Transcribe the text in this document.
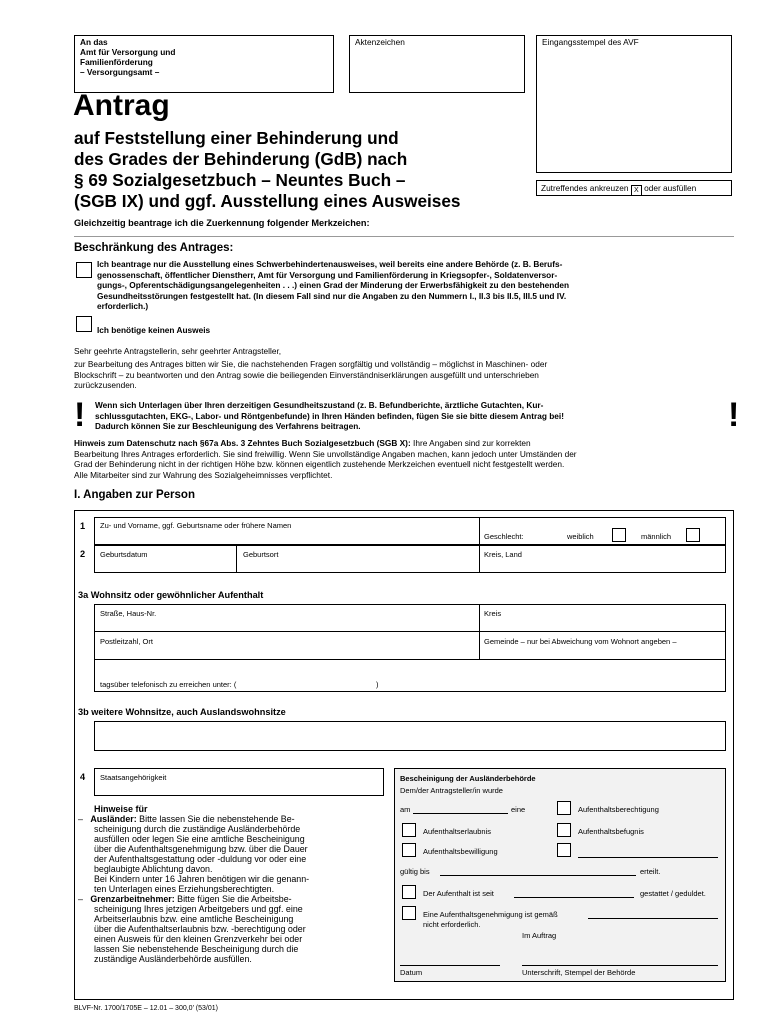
An das
Amt für Versorgung und
Familienförderung
– Versorgungsamt –
Aktenzeichen	Eingangsstempel des AVF
Zutreffendes ankreuzen X oder ausfüllen
Antrag
auf Feststellung einer Behinderung und
des Grades der Behinderung (GdB) nach
§ 69 Sozialgesetzbuch – Neuntes Buch –
(SGB IX) und ggf. Ausstellung eines Ausweises
Gleichzeitig beantrage ich die Zuerkennung folgender Merkzeichen:
Beschränkung des Antrages:
Ich beantrage nur die Ausstellung eines Schwerbehindertenausweises, weil bereits eine andere Behörde (z. B. Berufs-
genossenschaft, öffentlicher Dienstherr, Amt für Versorgung und Familienförderung in Kriegsopfer-, Soldatenversor-
gungs-, Opferentschädigungsangelegenheiten . . .) einen Grad der Minderung der Erwerbsfähigkeit zu den bestehenden
Gesundheitsstörungen festgestellt hat. (In diesem Fall sind nur die Angaben zu den Nummern I., II.3 bis II.5, III.5 und IV.
erforderlich.)
Ich benötige keinen Ausweis
Sehr geehrte Antragstellerin, sehr geehrter Antragsteller,
zur Bearbeitung des Antrages bitten wir Sie, die nachstehenden Fragen sorgfältig und vollständig – möglichst in Maschinen- oder
Blockschrift – zu beantworten und den Antrag sowie die beiliegenden Einverständniserklärungen ausgefüllt und unterschrieben
zurückzusenden.
! Wenn sich Unterlagen über Ihren derzeitigen Gesundheitszustand (z. B. Befundberichte, ärztliche Gutachten, Kur-
schlussgutachten, EKG-, Labor- und Röntgenbefunde) in Ihren Händen befinden, fügen Sie sie bitte diesem Antrag bei!
Dadurch können Sie zur Beschleunigung des Verfahrens beitragen.	!
Hinweis zum Datenschutz nach §67a Abs. 3 Zehntes Buch Sozialgesetzbuch (SGB X): Ihre Angaben sind zur korrekten
Bearbeitung Ihres Antrages erforderlich. Sie sind freiwillig. Wenn Sie unvollständige Angaben machen, kann jedoch unter Umständen der
Grad der Behinderung nicht in der richtigen Höhe bzw. können eigentlich zustehende Merkzeichen eventuell nicht festgestellt werden.
Alle Mitarbeiter sind zur Wahrung des Sozialgeheimnisses verpflichtet.
I. Angaben zur Person
1 Zu- und Vorname, ggf. Geburtsname oder frühere Namen
Geschlecht:	weiblich	männlich
2 Geburtsdatum	Geburtsort	Kreis, Land
3a Wohnsitz oder gewöhnlicher Aufenthalt
Straße, Haus-Nr.	Kreis
Postleitzahl, Ort	Gemeinde – nur bei Abweichung vom Wohnort angeben –
tagsüber telefonisch zu erreichen unter: (	)
3b weitere Wohnsitze, auch Auslandswohnsitze
4 Staatsangehörigkeit
Hinweise für
–   Ausländer: Bitte lassen Sie die nebenstehende Be-
scheinigung durch die zuständige Ausländerbehörde
ausfüllen oder legen Sie eine amtliche Bescheinigung
über die Aufenthaltsgenehmigung bzw. über die Dauer
der Aufenthaltsgestattung oder -duldung vor oder eine
beglaubigte Ablichtung davon.
Bei Kindern unter 16 Jahren benötigen wir die genann-
ten Unterlagen eines Erziehungsberechtigten.
–   Grenzarbeitnehmer: Bitte fügen Sie die Arbeitsbe-
scheinigung Ihres jetzigen Arbeitgebers und ggf. eine
Arbeitserlaubnis bzw. eine amtliche Bescheinigung
über die Aufenthaltserlaubnis bzw. -berechtigung oder
einen Ausweis für den kleinen Grenzverkehr bei oder
lassen Sie nebenstehende Bescheinigung durch die
zuständige Ausländerbehörde ausfüllen.
Bescheinigung der Ausländerbehörde
Dem/der Antragsteller/in wurde
am	eine	Aufenthaltsberechtigung
Aufenthaltserlaubnis	Aufenthaltsbefugnis
Aufenthaltsbewilligung
gültig bis	erteilt.
Der Aufenthalt ist seit	gestattet / geduldet.
Eine Aufenthaltsgenehmigung ist gemäß
nicht erforderlich.
Im Auftrag
Datum	Unterschrift, Stempel der Behörde
BLVF-Nr. 1700/1705E – 12.01 – 300,0’ (53/01)
